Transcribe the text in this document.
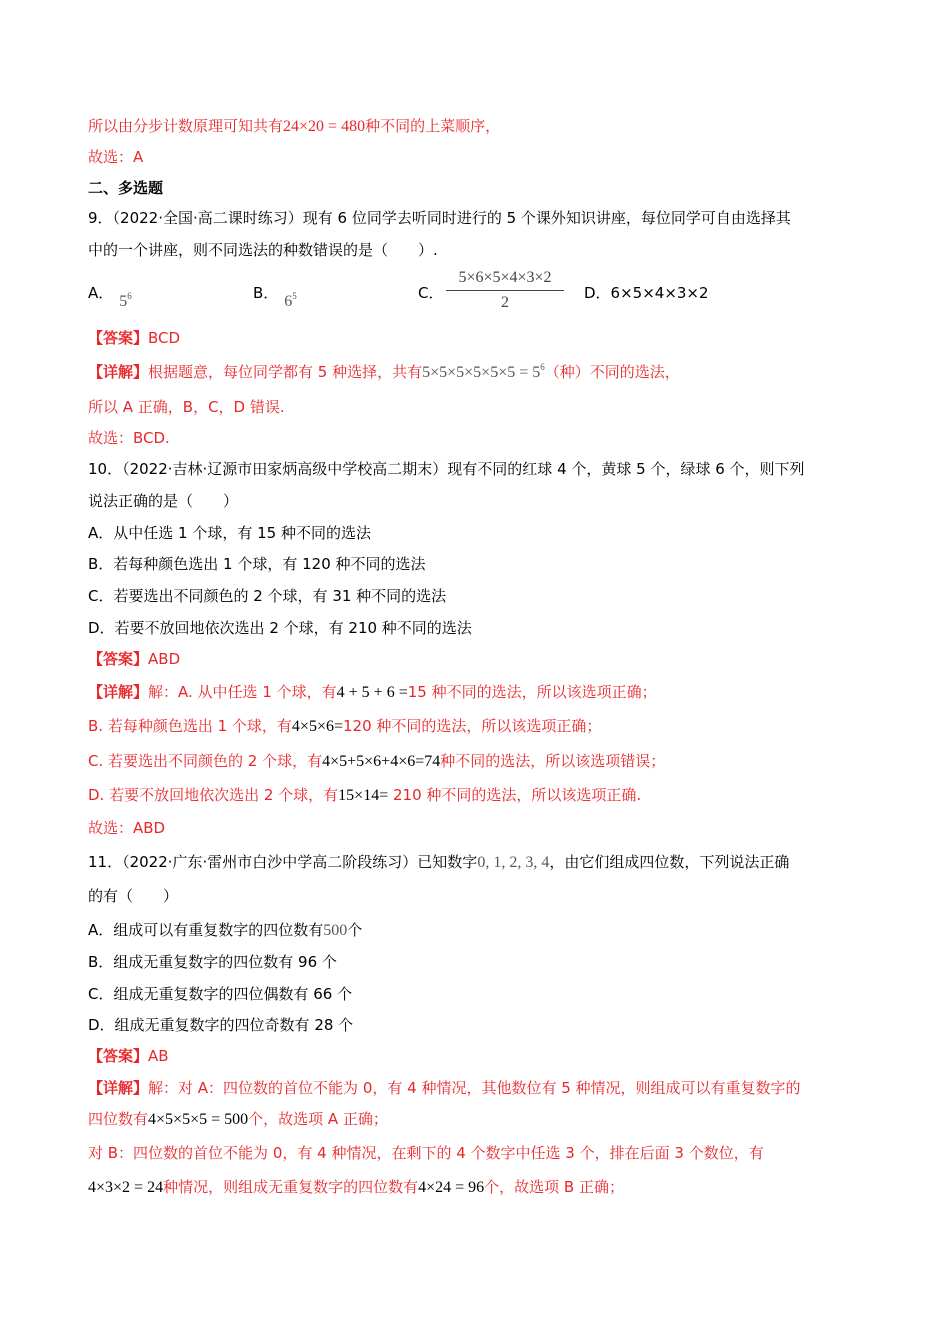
所以由分步计数原理可知共有24×20 = 480种不同的上菜顺序，
故选：A
二、多选题
9．（2022·全国·高二课时练习）现有 6 位同学去听同时进行的 5 个课外知识讲座，每位同学可自由选择其
中的一个讲座，则不同选法的种数错误的是（　　）.
A． $5^6$	B． $6^5$	C． $\frac{5\times 6\times 5\times 4\times 3\times 2}{2}$ D．6×5×4×3×2
【答案】BCD
【详解】根据题意，每位同学都有 5 种选择，共有$5\times 5\times 5\times 5\times 5\times 5 = 5^6$（种）不同的选法，
所以 A 正确，B，C，D 错误.
故选：BCD.
10．（2022·吉林·辽源市田家炳高级中学校高二期末）现有不同的红球 4 个，黄球 5 个，绿球 6 个，则下列
说法正确的是（　　）
A．从中任选 1 个球，有 15 种不同的选法
B．若每种颜色选出 1 个球，有 120 种不同的选法
C．若要选出不同颜色的 2 个球，有 31 种不同的选法
D．若要不放回地依次选出 2 个球，有 210 种不同的选法
【答案】ABD
【详解】解：A. 从中任选 1 个球，有4 + 5 + 6 =15 种不同的选法，所以该选项正确；
B. 若每种颜色选出 1 个球，有4×5×6=120 种不同的选法，所以该选项正确；
C. 若要选出不同颜色的 2 个球，有4×5+5×6+4×6=74种不同的选法，所以该选项错误；
D. 若要不放回地依次选出 2 个球，有15×14= 210 种不同的选法，所以该选项正确.
故选：ABD
11．（2022·广东·雷州市白沙中学高二阶段练习）已知数字0, 1, 2, 3, 4，由它们组成四位数，下列说法正确
的有（　　）
A．组成可以有重复数字的四位数有500个
B．组成无重复数字的四位数有 96 个
C．组成无重复数字的四位偶数有 66 个
D．组成无重复数字的四位奇数有 28 个
【答案】AB
【详解】解：对 A：四位数的首位不能为 0，有 4 种情况，其他数位有 5 种情况，则组成可以有重复数字的
四位数有4×5×5×5 = 500个，故选项 A 正确；
对 B：四位数的首位不能为 0，有 4 种情况，在剩下的 4 个数字中任选 3 个，排在后面 3 个数位，有
4×3×2 = 24种情况，则组成无重复数字的四位数有4×24 = 96个，故选项 B 正确；
